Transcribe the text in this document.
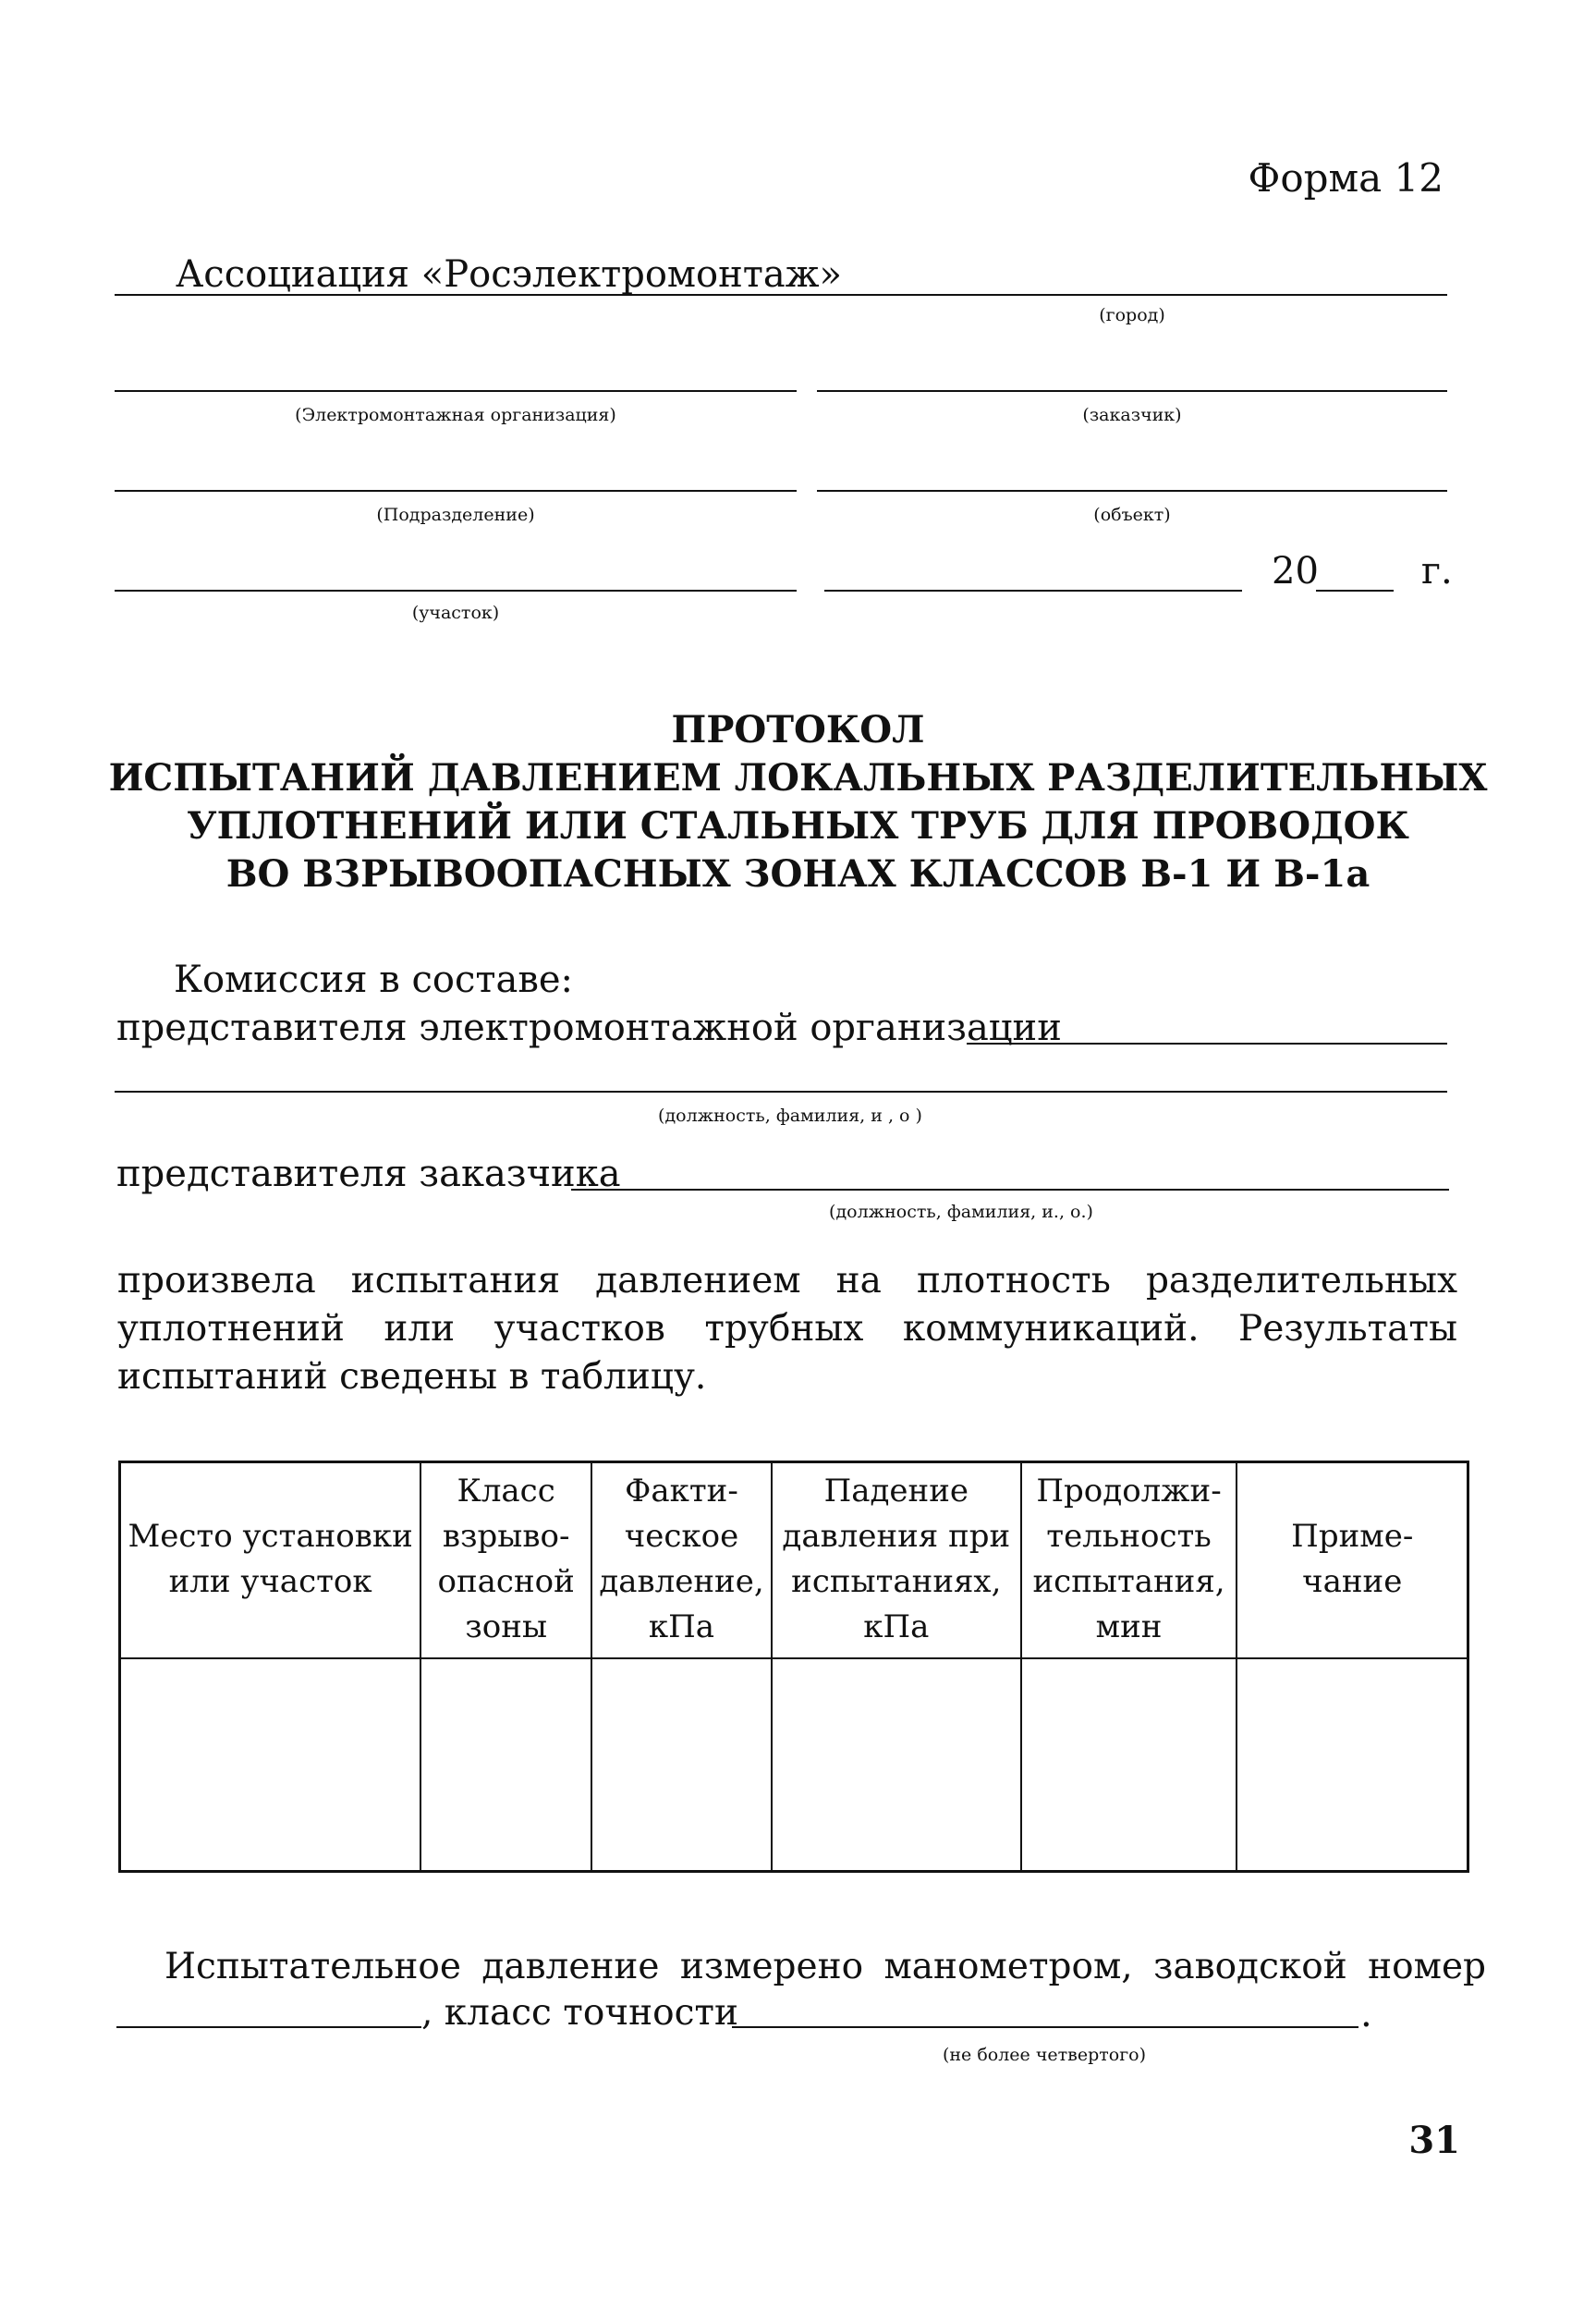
Форма 12
Ассоциация «Росэлектромонтаж»
(город)
(Электромонтажная организация)	(заказчик)
(Подразделение)	(объект)
20	г.
(участок)
ПРОТОКОЛ
ИСПЫТАНИЙ ДАВЛЕНИЕМ ЛОКАЛЬНЫХ РАЗДЕЛИТЕЛЬНЫХ
УПЛОТНЕНИЙ ИЛИ СТАЛЬНЫХ ТРУБ ДЛЯ ПРОВОДОК
ВО ВЗРЫВООПАСНЫХ ЗОНАХ КЛАССОВ В-1 И В-1а
Комиссия в составе:
представителя электромонтажной организации
(должность, фамилия, и , о )
представителя заказчика
(должность, фамилия, и., о.)
произвела испытания давлением на плотность разделительных уплотнений или участков трубных коммуникаций. Результаты испытаний сведены в таблицу.
Место установки или участок	Класс взрыво-опасной зоны	Факти-ческое давление, кПа	Падение давления при испытаниях, кПа	Продолжи-тельность испытания, мин	Приме-чание

Испытательное давление измерено манометром, заводской номер
, класс точности	.
(не более четвертого)
31
